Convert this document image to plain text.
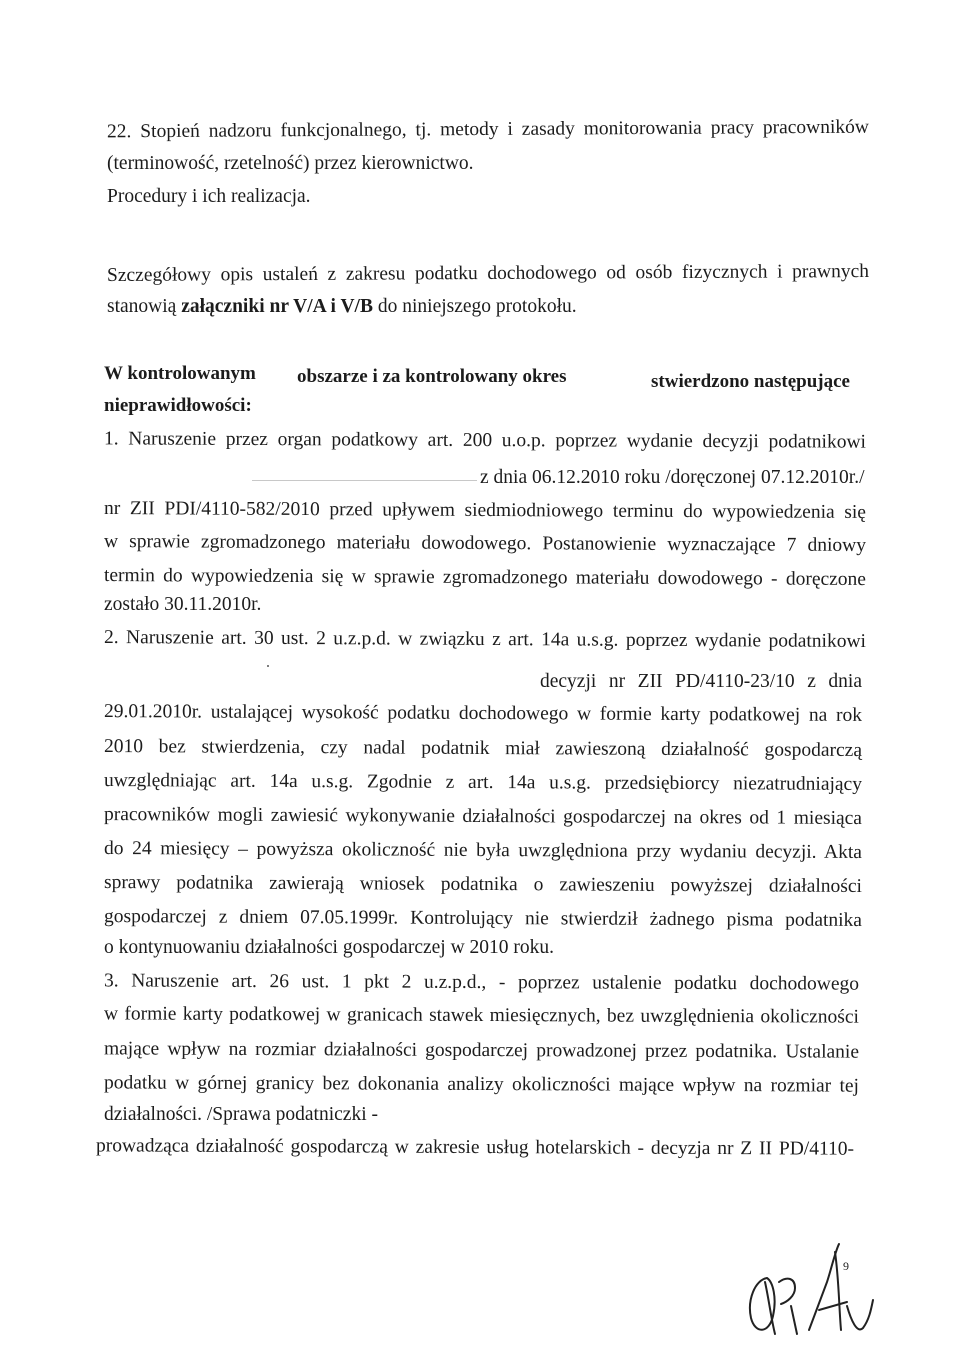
22. Stopień nadzoru funkcjonalnego, tj. metody i zasady monitorowania pracy pracowników
(terminowość, rzetelność) przez kierownictwo.
Procedury i ich realizacja.
Szczegółowy opis ustaleń z zakresu podatku dochodowego od osób fizycznych i prawnych
stanowią załączniki nr V/A i V/B do niniejszego protokołu.
W kontrolowanym obszarze i za kontrolowany okres	stwierdzono następujące
nieprawidłowości:
1. Naruszenie przez organ podatkowy art. 200 u.o.p. poprzez wydanie decyzji podatnikowi
z dnia 06.12.2010 roku /doręczonej 07.12.2010r./
nr ZII PDI/4110-582/2010 przed upływem siedmiodniowego terminu do wypowiedzenia się
w sprawie zgromadzonego materiału dowodowego. Postanowienie wyznaczające 7 dniowy
termin do wypowiedzenia się w sprawie zgromadzonego materiału dowodowego - doręczone
zostało 30.11.2010r.
2. Naruszenie art. 30 ust. 2 u.z.p.d. w związku z art. 14a u.s.g. poprzez wydanie podatnikowi
decyzji nr ZII PD/4110-23/10 z dnia
29.01.2010r. ustalającej wysokość podatku dochodowego w formie karty podatkowej na rok
2010 bez stwierdzenia, czy nadal podatnik miał zawieszoną działalność gospodarczą
uwzględniając art. 14a u.s.g. Zgodnie z art. 14a u.s.g. przedsiębiorcy niezatrudniający
pracowników mogli zawiesić wykonywanie działalności gospodarczej na okres od 1 miesiąca
do 24 miesięcy – powyższa okoliczność nie była uwzględniona przy wydaniu decyzji. Akta
sprawy podatnika zawierają wniosek podatnika o zawieszeniu powyższej działalności
gospodarczej z dniem 07.05.1999r. Kontrolujący nie stwierdził żadnego pisma podatnika
o kontynuowaniu działalności gospodarczej w 2010 roku.
3. Naruszenie art. 26 ust. 1 pkt 2 u.z.p.d., - poprzez ustalenie podatku dochodowego
w formie karty podatkowej w granicach stawek miesięcznych, bez uwzględnienia okoliczności
mające wpływ na rozmiar działalności gospodarczej prowadzonej przez podatnika. Ustalanie
podatku w górnej granicy bez dokonania analizy okoliczności mające wpływ na rozmiar tej
działalności. /Sprawa podatniczki -
prowadząca działalność gospodarczą w zakresie usług hotelarskich - decyzja nr Z II PD/4110-
9
